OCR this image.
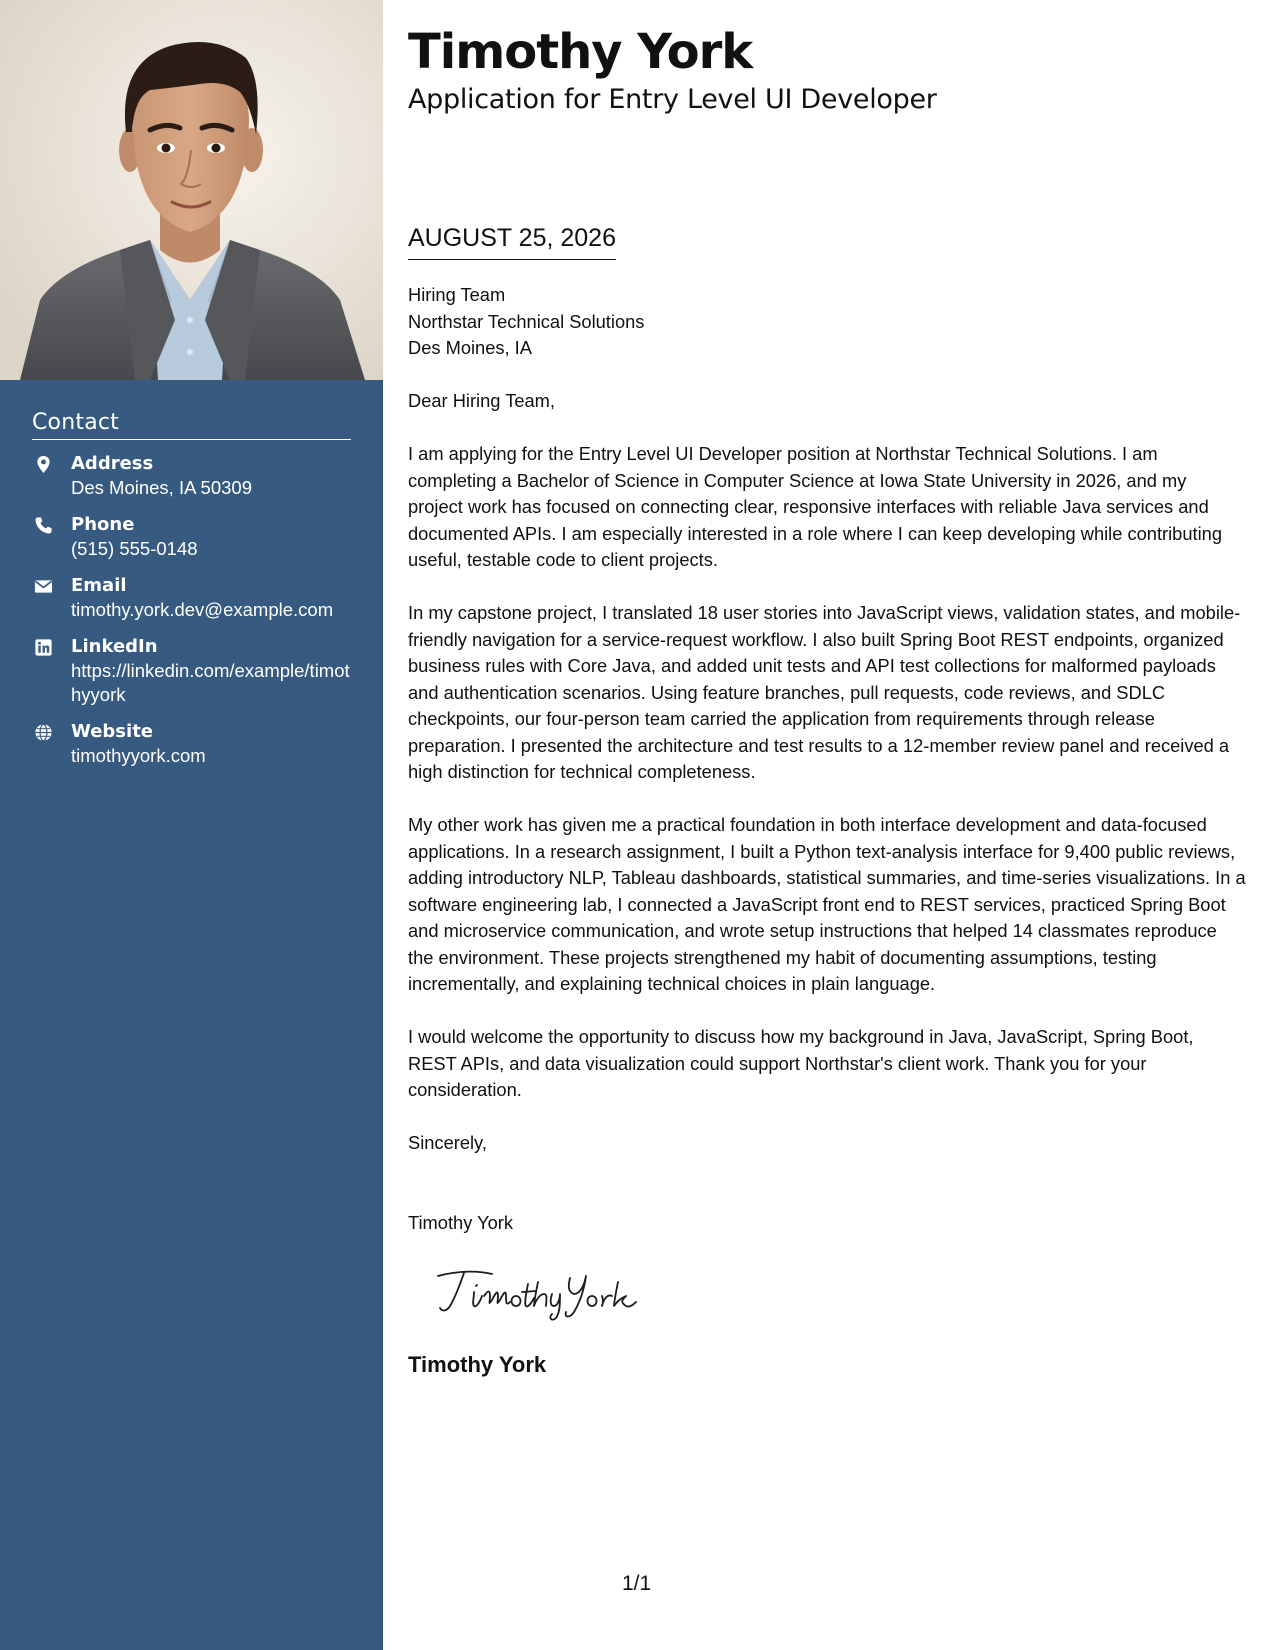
Contact
Address
Des Moines, IA 50309
Phone
(515) 555-0148
Email
timothy.york.dev@example.com
LinkedIn
https://linkedin.com/example/timothyyork
Website
timothyyork.com
Timothy York
Application for Entry Level UI Developer
AUGUST 25, 2026
Hiring Team
Northstar Technical Solutions
Des Moines, IA

Dear Hiring Team,

I am applying for the Entry Level UI Developer position at Northstar Technical Solutions. I am completing a Bachelor of Science in Computer Science at Iowa State University in 2026, and my project work has focused on connecting clear, responsive interfaces with reliable Java services and documented APIs. I am especially interested in a role where I can keep developing while contributing useful, testable code to client projects.

In my capstone project, I translated 18 user stories into JavaScript views, validation states, and mobile-friendly navigation for a service-request workflow. I also built Spring Boot REST endpoints, organized business rules with Core Java, and added unit tests and API test collections for malformed payloads and authentication scenarios. Using feature branches, pull requests, code reviews, and SDLC checkpoints, our four-person team carried the application from requirements through release preparation. I presented the architecture and test results to a 12-member review panel and received a high distinction for technical completeness.

My other work has given me a practical foundation in both interface development and data-focused applications. In a research assignment, I built a Python text-analysis interface for 9,400 public reviews, adding introductory NLP, Tableau dashboards, statistical summaries, and time-series visualizations. In a software engineering lab, I connected a JavaScript front end to REST services, practiced Spring Boot and microservice communication, and wrote setup instructions that helped 14 classmates reproduce the environment. These projects strengthened my habit of documenting assumptions, testing incrementally, and explaining technical choices in plain language.

I would welcome the opportunity to discuss how my background in Java, JavaScript, Spring Boot, REST APIs, and data visualization could support Northstar's client work. Thank you for your consideration.

Sincerely,

Timothy York
Timothy York
1/1
